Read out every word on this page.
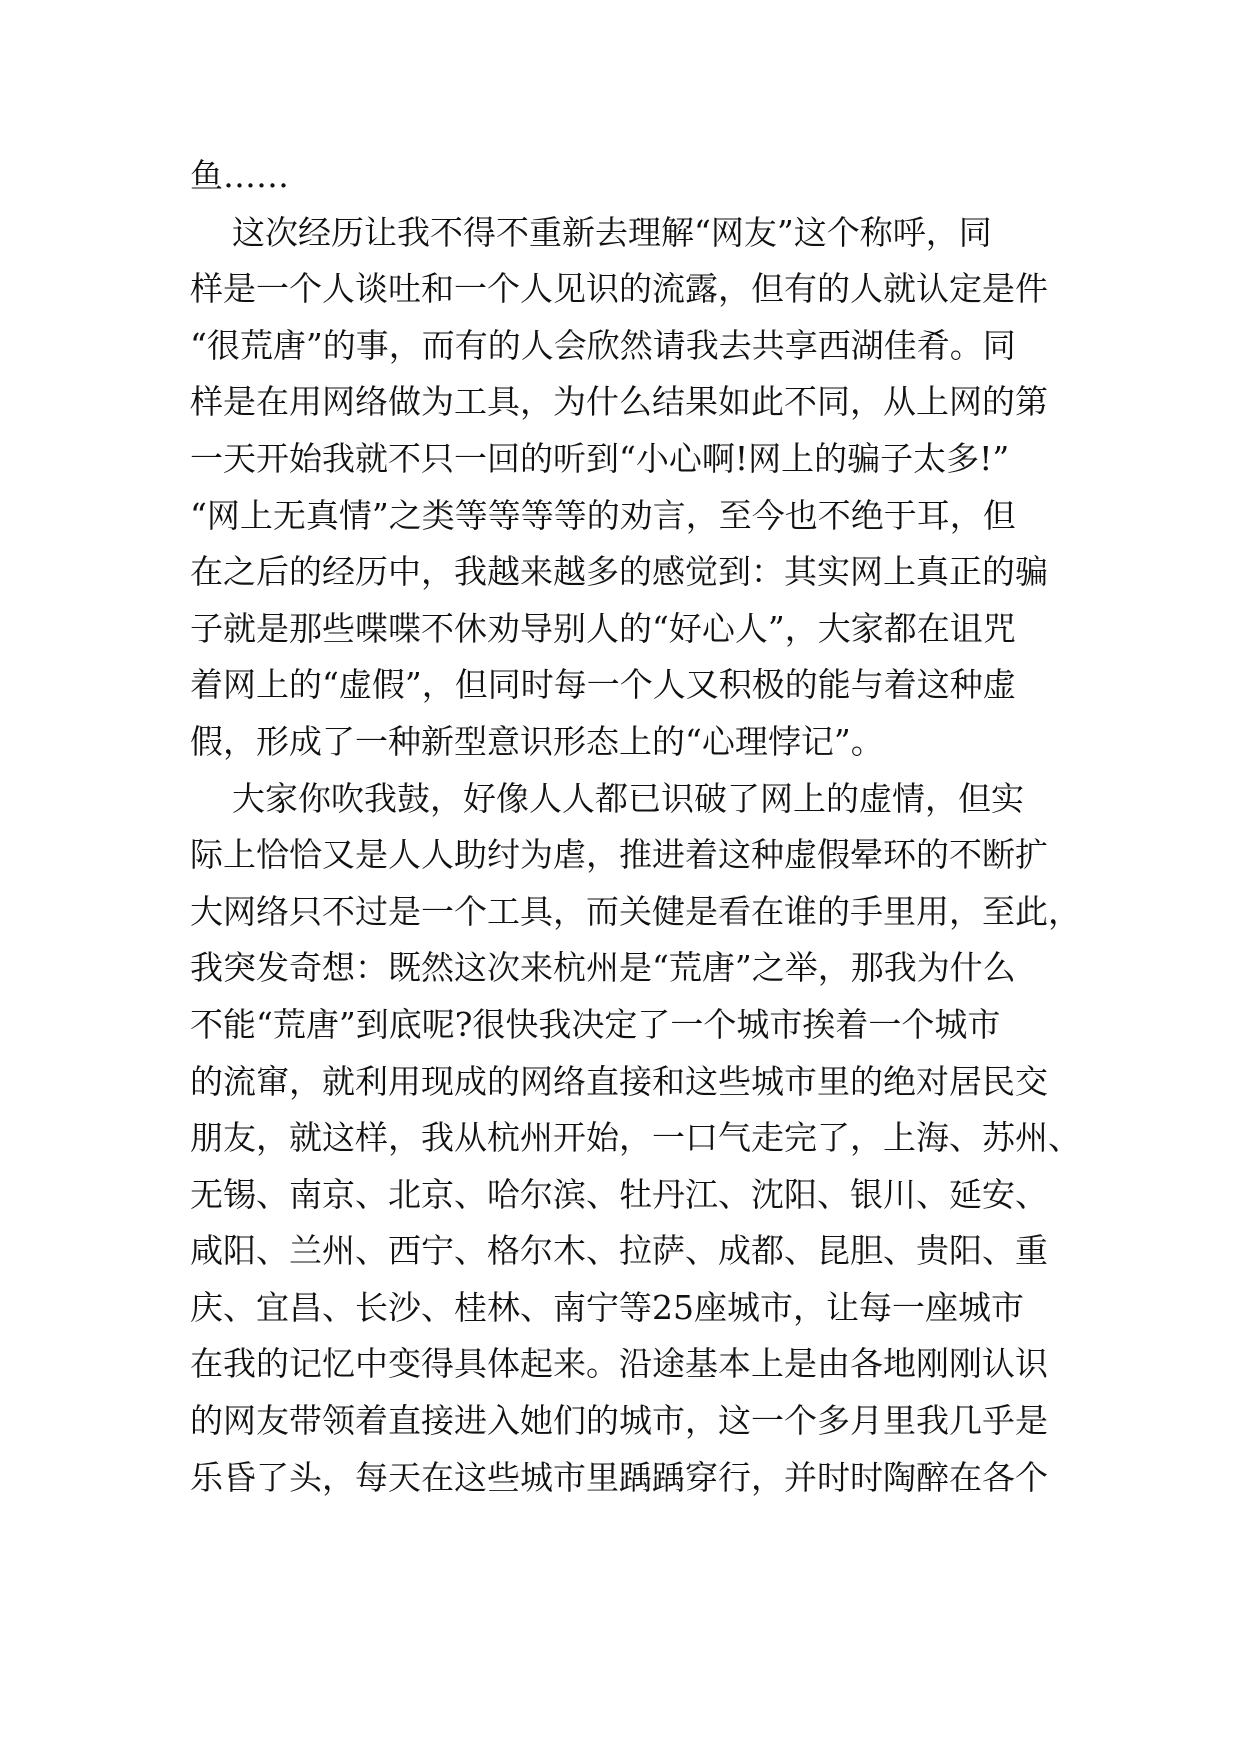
鱼……
这次经历让我不得不重新去理解“网友”这个称呼，同
样是一个人谈吐和一个人见识的流露，但有的人就认定是件
“很荒唐”的事，而有的人会欣然请我去共享西湖佳肴。同
样是在用网络做为工具，为什么结果如此不同，从上网的第
一天开始我就不只一回的听到“小心啊!网上的骗子太多!”
“网上无真情”之类等等等等的劝言，至今也不绝于耳，但
在之后的经历中，我越来越多的感觉到：其实网上真正的骗
子就是那些喋喋不休劝导别人的“好心人”，大家都在诅咒
着网上的“虚假”，但同时每一个人又积极的能与着这种虚
假，形成了一种新型意识形态上的“心理悖记”。
大家你吹我鼓，好像人人都已识破了网上的虚情，但实
际上恰恰又是人人助纣为虐，推进着这种虚假晕环的不断扩
大网络只不过是一个工具，而关健是看在谁的手里用，至此，
我突发奇想：既然这次来杭州是“荒唐”之举，那我为什么
不能“荒唐”到底呢?很快我决定了一个城市挨着一个城市
的流窜，就利用现成的网络直接和这些城市里的绝对居民交
朋友，就这样，我从杭州开始，一口气走完了，上海、苏州、
无锡、南京、北京、哈尔滨、牡丹江、沈阳、银川、延安、
咸阳、兰州、西宁、格尔木、拉萨、成都、昆胆、贵阳、重
庆、宜昌、长沙、桂林、南宁等25座城市，让每一座城市
在我的记忆中变得具体起来。沿途基本上是由各地刚刚认识
的网友带领着直接进入她们的城市，这一个多月里我几乎是
乐昏了头，每天在这些城市里踽踽穿行，并时时陶醉在各个
